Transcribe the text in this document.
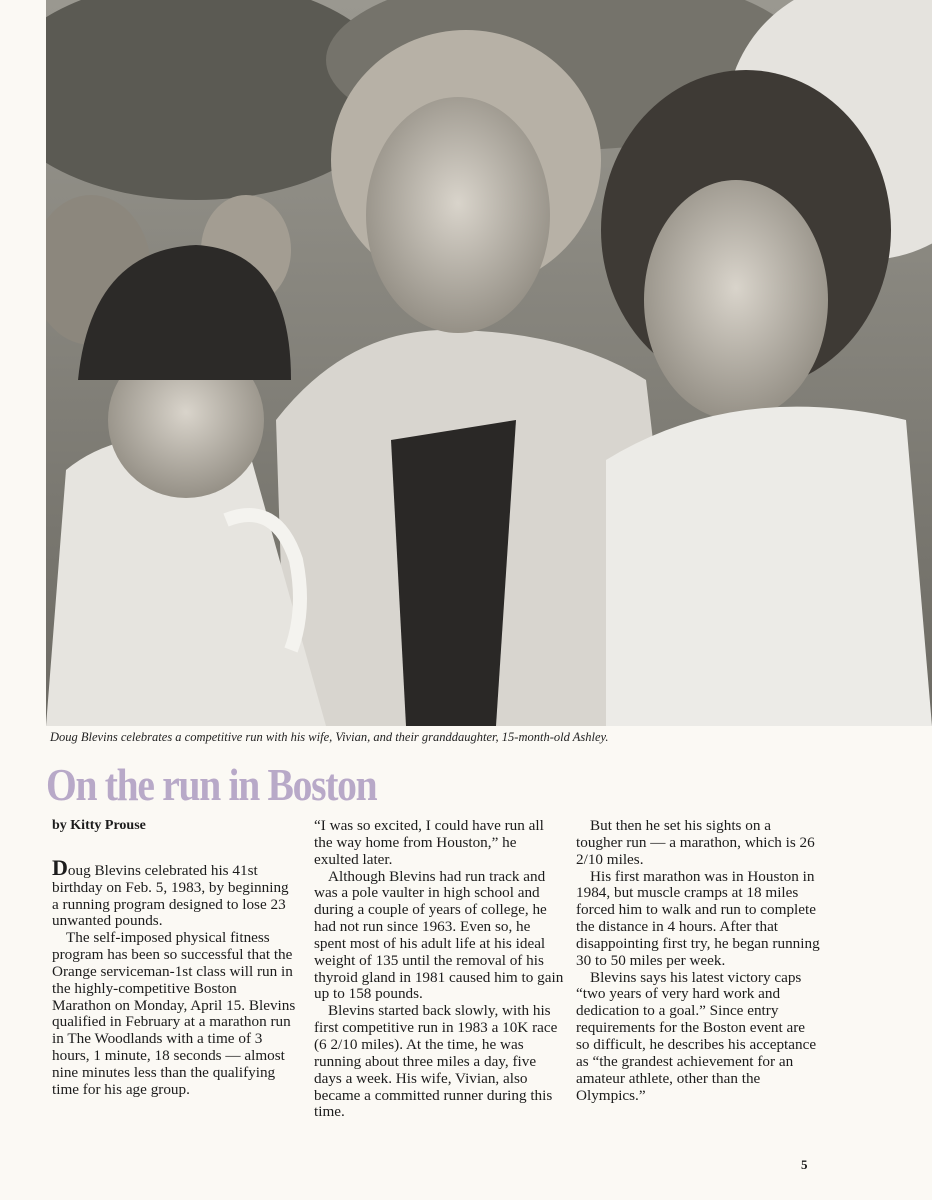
Doug Blevins celebrates a competitive run with his wife, Vivian, and their granddaughter, 15-month-old Ashley.
On the run in Boston

by Kitty Prouse

Doug Blevins celebrated his 41st birthday on Feb. 5, 1983, by beginning a running program designed to lose 23 unwanted pounds.

The self-imposed physical fitness program has been so successful that the Orange serviceman-1st class will run in the highly-competitive Boston Marathon on Monday, April 15. Blevins qualified in February at a marathon run in The Woodlands with a time of 3 hours, 1 minute, 18 seconds — almost nine minutes less than the qualifying time for his age group.

“I was so excited, I could have run all the way home from Houston,” he exulted later.

Although Blevins had run track and was a pole vaulter in high school and during a couple of years of college, he had not run since 1963. Even so, he spent most of his adult life at his ideal weight of 135 until the removal of his thyroid gland in 1981 caused him to gain up to 158 pounds.

Blevins started back slowly, with his first competitive run in 1983 a 10K race (6 2/10 miles). At the time, he was running about three miles a day, five days a week. His wife, Vivian, also became a committed runner during this time.

But then he set his sights on a tougher run — a marathon, which is 26 2/10 miles.

His first marathon was in Houston in 1984, but muscle cramps at 18 miles forced him to walk and run to complete the distance in 4 hours. After that disappointing first try, he began running 30 to 50 miles per week.

Blevins says his latest victory caps “two years of very hard work and dedication to a goal.” Since entry requirements for the Boston event are so difficult, he describes his acceptance as “the grandest achievement for an amateur athlete, other than the Olympics.”

5
